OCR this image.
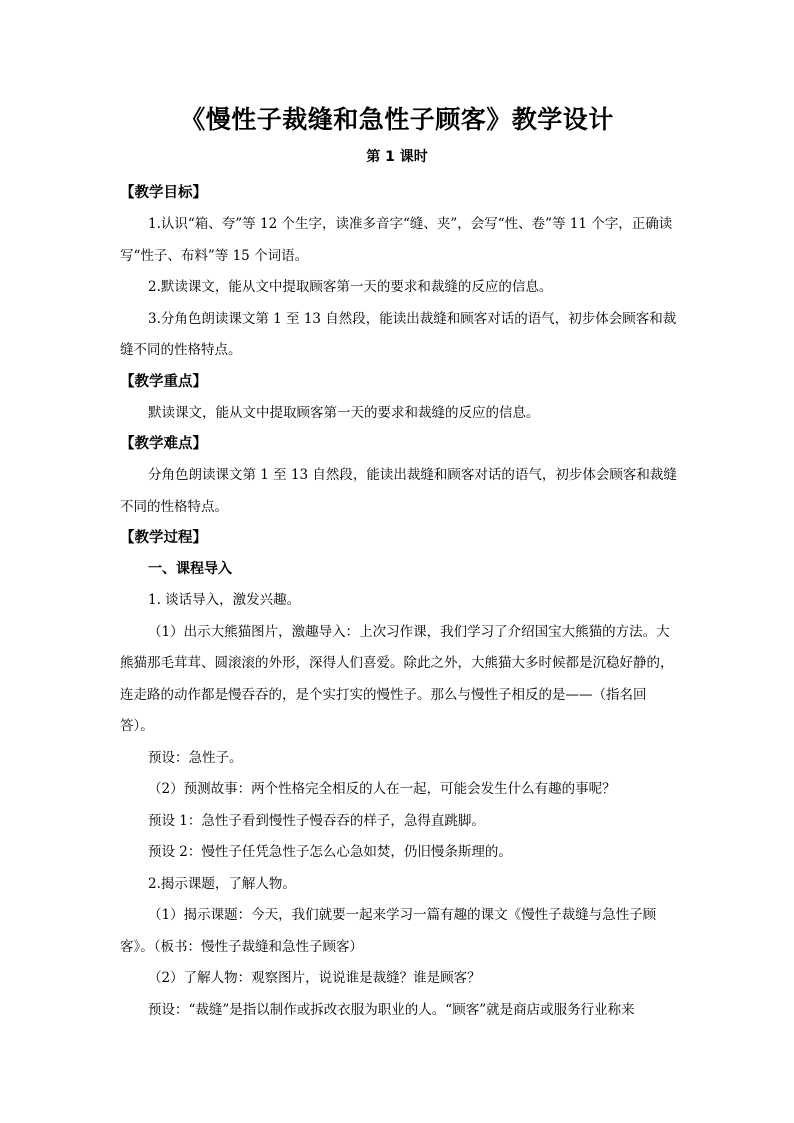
《慢性子裁缝和急性子顾客》教学设计
第 1 课时
【教学目标】
1.认识“箱、夸”等 12 个生字，读准多音字“缝、夹”，会写“性、卷”等 11 个字，正确读写“性子、布料”等 15 个词语。
2.默读课文，能从文中提取顾客第一天的要求和裁缝的反应的信息。
3.分角色朗读课文第 1 至 13 自然段，能读出裁缝和顾客对话的语气，初步体会顾客和裁缝不同的性格特点。
【教学重点】
默读课文，能从文中提取顾客第一天的要求和裁缝的反应的信息。
【教学难点】
分角色朗读课文第 1 至 13 自然段，能读出裁缝和顾客对话的语气，初步体会顾客和裁缝不同的性格特点。
【教学过程】
一、课程导入
1. 谈话导入，激发兴趣。
（1）出示大熊猫图片，激趣导入：上次习作课，我们学习了介绍国宝大熊猫的方法。大熊猫那毛茸茸、圆滚滚的外形，深得人们喜爱。除此之外，大熊猫大多时候都是沉稳好静的，连走路的动作都是慢吞吞的，是个实打实的慢性子。那么与慢性子相反的是——（指名回答）。
预设：急性子。
（2）预测故事：两个性格完全相反的人在一起，可能会发生什么有趣的事呢？
预设 1：急性子看到慢性子慢吞吞的样子，急得直跳脚。
预设 2：慢性子任凭急性子怎么心急如焚，仍旧慢条斯理的。
2.揭示课题，了解人物。
（1）揭示课题：今天，我们就要一起来学习一篇有趣的课文《慢性子裁缝与急性子顾客》。（板书：慢性子裁缝和急性子顾客）
（2）了解人物：观察图片，说说谁是裁缝？谁是顾客？
预设：“裁缝”是指以制作或拆改衣服为职业的人。“顾客”就是商店或服务行业称来
